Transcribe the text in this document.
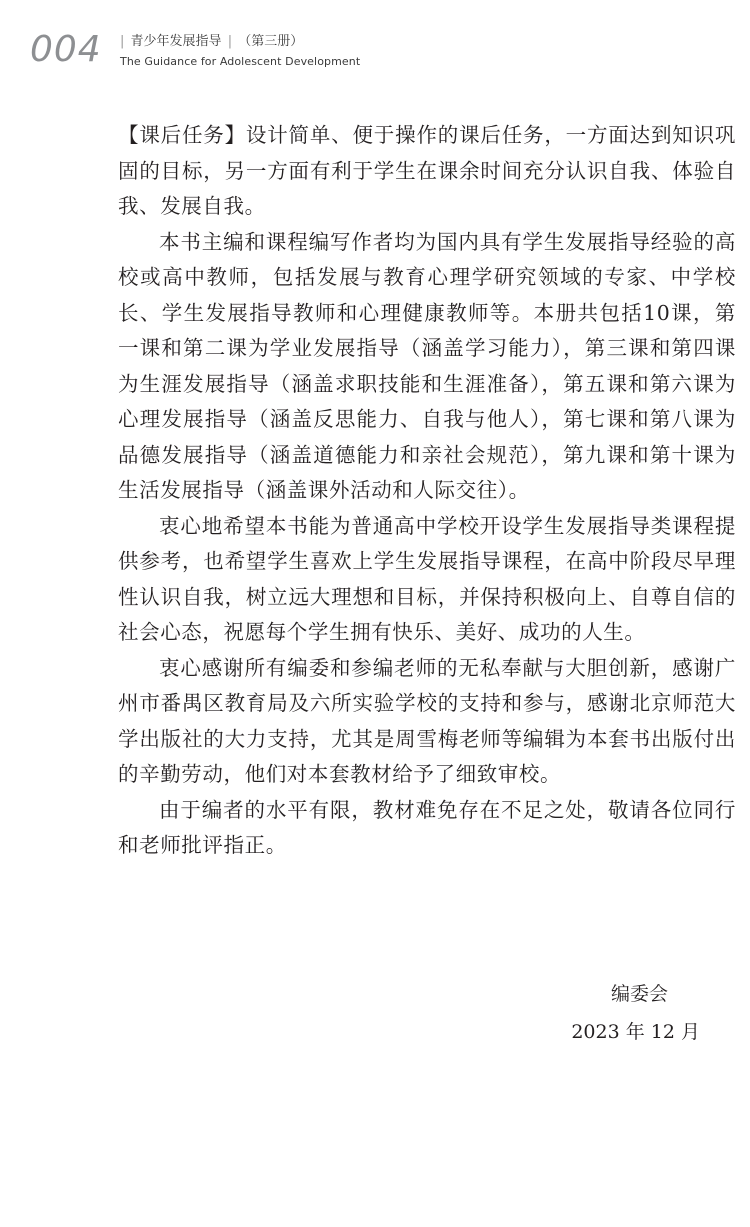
004 | 青少年发展指导 | （第三册）
The Guidance for Adolescent Development

【课后任务】设计简单、便于操作的课后任务，一方面达到知识巩固的目标，另一方面有利于学生在课余时间充分认识自我、体验自我、发展自我。

本书主编和课程编写作者均为国内具有学生发展指导经验的高校或高中教师，包括发展与教育心理学研究领域的专家、中学校长、学生发展指导教师和心理健康教师等。本册共包括10课，第一课和第二课为学业发展指导（涵盖学习能力），第三课和第四课为生涯发展指导（涵盖求职技能和生涯准备），第五课和第六课为心理发展指导（涵盖反思能力、自我与他人），第七课和第八课为品德发展指导（涵盖道德能力和亲社会规范），第九课和第十课为生活发展指导（涵盖课外活动和人际交往）。

衷心地希望本书能为普通高中学校开设学生发展指导类课程提供参考，也希望学生喜欢上学生发展指导课程，在高中阶段尽早理性认识自我，树立远大理想和目标，并保持积极向上、自尊自信的社会心态，祝愿每个学生拥有快乐、美好、成功的人生。

衷心感谢所有编委和参编老师的无私奉献与大胆创新，感谢广州市番禺区教育局及六所实验学校的支持和参与，感谢北京师范大学出版社的大力支持，尤其是周雪梅老师等编辑为本套书出版付出的辛勤劳动，他们对本套教材给予了细致审校。

由于编者的水平有限，教材难免存在不足之处，敬请各位同行和老师批评指正。

编委会
2023 年 12 月
